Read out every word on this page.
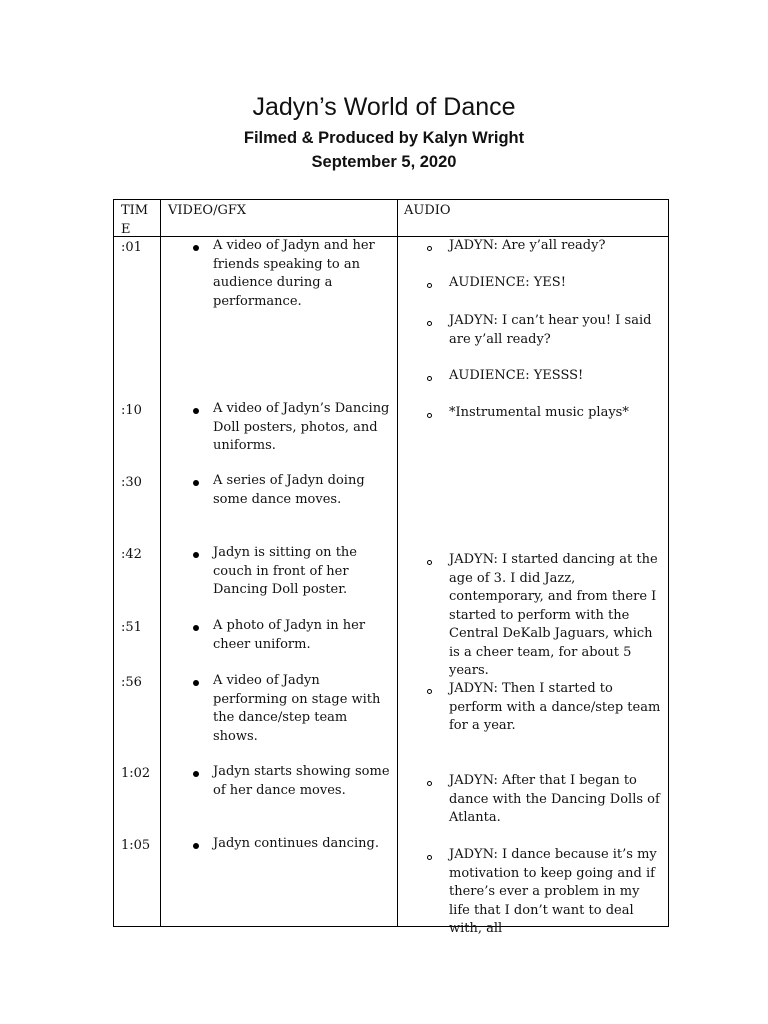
Jadyn’s World of Dance
Filmed & Produced by Kalyn Wright
September 5, 2020
TIM
E
VIDEO/GFX	AUDIO
:01
:10
:30
:42
:51
:56
1:02
1:05
A video of Jadyn and her friends speaking to an audience during a performance.
A video of Jadyn’s Dancing Doll posters, photos, and uniforms.
A series of Jadyn doing some dance moves.
Jadyn is sitting on the couch in front of her Dancing Doll poster.
A photo of Jadyn in her cheer uniform.
A video of Jadyn performing on stage with the dance/step team shows.
Jadyn starts showing some of her dance moves.
Jadyn continues dancing.
JADYN: Are y’all ready?
AUDIENCE: YES!
JADYN: I can’t hear you! I said are y’all ready?
AUDIENCE: YESSS!
*Instrumental music plays*
JADYN: I started dancing at the age of 3. I did Jazz, contemporary, and from there I started to perform with the Central DeKalb Jaguars, which is a cheer team, for about 5 years.
JADYN: Then I started to perform with a dance/step team for a year.
JADYN: After that I began to dance with the Dancing Dolls of Atlanta.
JADYN: I dance because it’s my motivation to keep going and if there’s ever a problem in my life that I don’t want to deal with, all
